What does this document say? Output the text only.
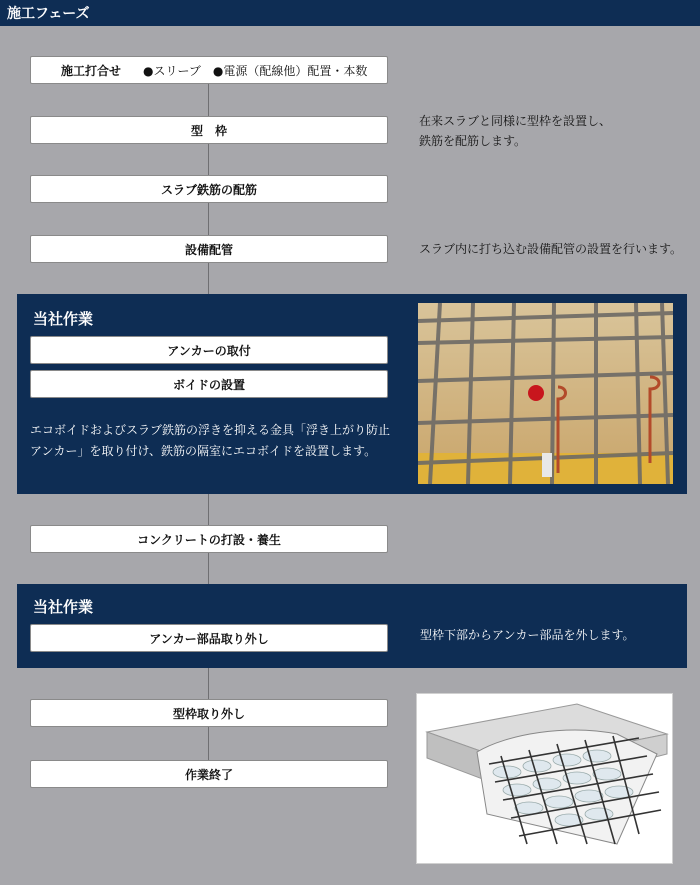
施工フェーズ
施工打合せ ●スリーブ　●電源（配線他）配置・本数
型　枠
スラブ鉄筋の配筋
設備配管
在来スラブと同様に型枠を設置し、
鉄筋を配筋します。
スラブ内に打ち込む設備配管の設置を行います。
当社作業
アンカーの取付
ボイドの設置
エコボイドおよびスラブ鉄筋の浮きを抑える金具「浮き上がり防止
アンカー」を取り付け、鉄筋の隔室にエコボイドを設置します。
コンクリートの打設・養生
当社作業
アンカー部品取り外し	型枠下部からアンカー部品を外します。
型枠取り外し
作業終了
